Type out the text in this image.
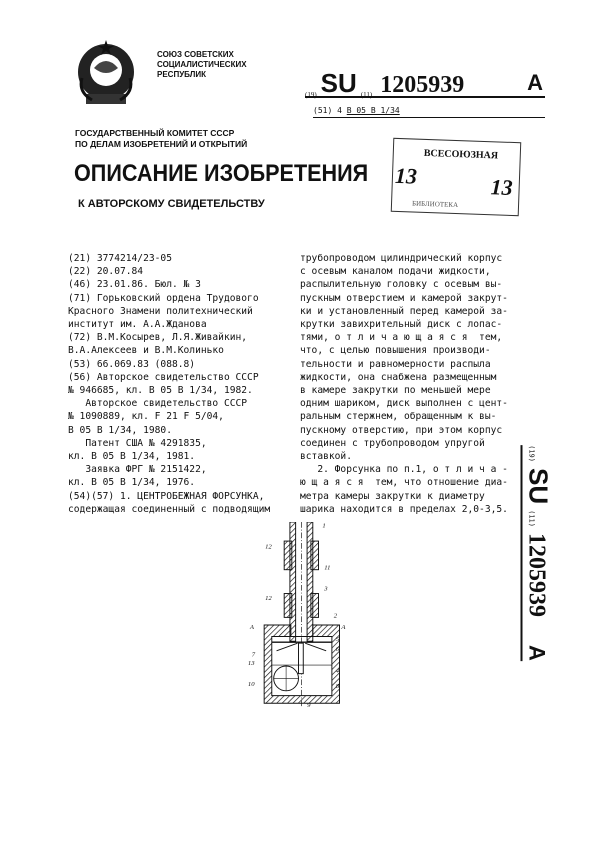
СОЮЗ СОВЕТСКИХ
СОЦИАЛИСТИЧЕСКИХ
РЕСПУБЛИК
(19) SU (11) 1205939	A
(51) 4 B 05 B 1/34
ГОСУДАРСТВЕННЫЙ КОМИТЕТ СССР
ПО ДЕЛАМ ИЗОБРЕТЕНИЙ И ОТКРЫТИЙ
ОПИСАНИЕ ИЗОБРЕТЕНИЯ
К АВТОРСКОМУ СВИДЕТЕЛЬСТВУ
ВСЕСОЮЗНАЯ
13	13
БИБЛИОТЕКА
(21) 3774214/23-05
(22) 20.07.84
(46) 23.01.86. Бюл. № 3
(71) Горьковский ордена Трудового
Красного Знамени политехнический
институт им. А.А.Жданова
(72) В.М.Косырев, Л.Я.Живайкин,
В.А.Алексеев и В.М.Колинько
(53) 66.069.83 (088.8)
(56) Авторское свидетельство СССР
№ 946685, кл. В 05 В 1/34, 1982.
Авторское свидетельство СССР
№ 1090889, кл. F 21 F 5/04,
В 05 В 1/34, 1980.
Патент США № 4291835,
кл. В 05 В 1/34, 1981.
Заявка ФРГ № 2151422,
кл. В 05 В 1/34, 1976.
(54)(57) 1. ЦЕНТРОБЕЖНАЯ ФОРСУНКА,
содержащая соединенный с подводящим
трубопроводом цилиндрический корпус
с осевым каналом подачи жидкости,
распылительную головку с осевым вы-
пускным отверстием и камерой закрут-
ки и установленный перед камерой за-
крутки завихрительный диск с лопас-
тями, о т л и ч а ю щ а я с я  тем,
что, с целью повышения производи-
тельности и равномерности распыла
жидкости, она снабжена размещенным
в камере закрутки по меньшей мере
одним шариком, диск выполнен с цент-
ральным стержнем, обращенным к вы-
пускному отверстию, при этом корпус
соединен с трубопроводом упругой
вставкой.
2. Форсунка по п.1, о т л и ч а -
ю щ а я с я  тем, что отношение диа-
метра камеры закрутки к диаметру
шарика находится в пределах 2,0-3,5.
1
12
11
3
12
A	A
2
5
6
7
13
4
10	8
9
(19)
SU
(11)
1205939
A
